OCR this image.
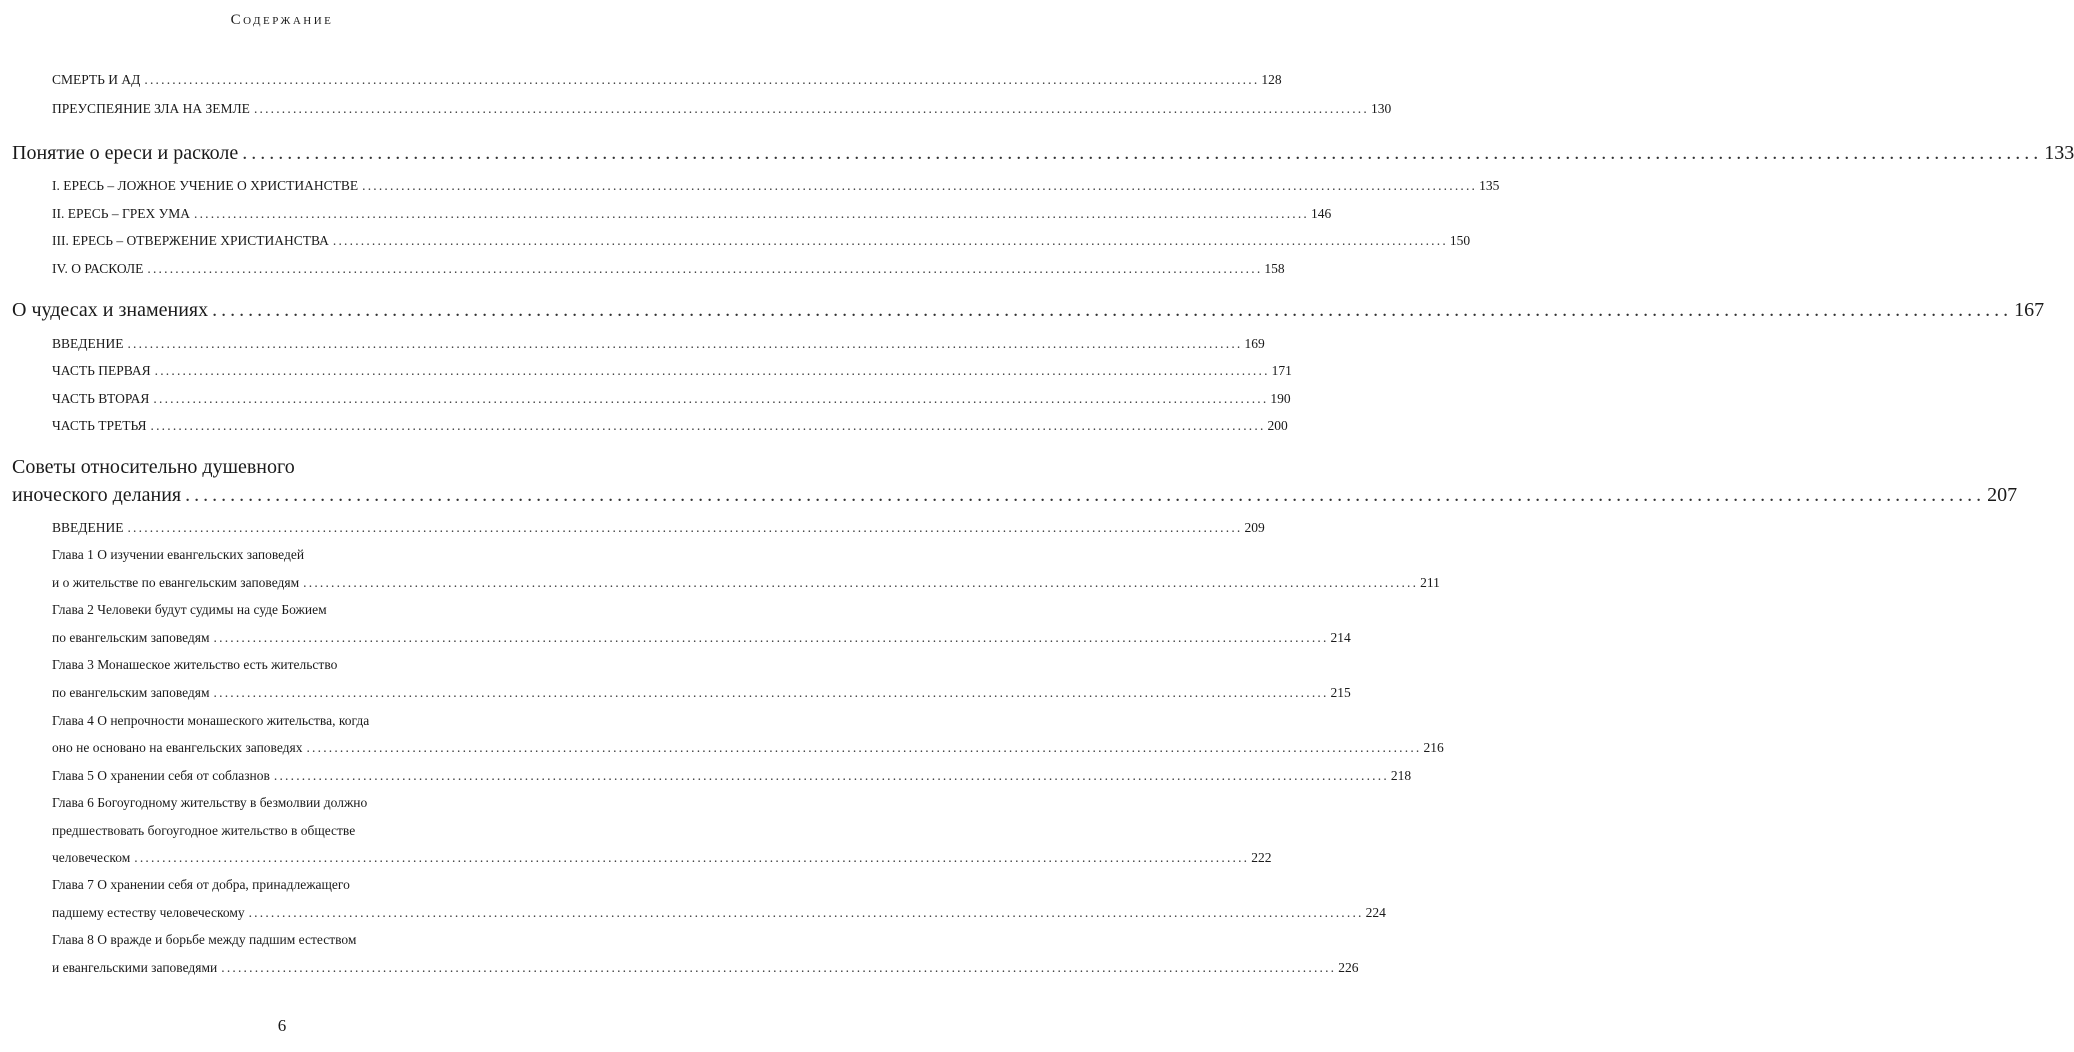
Содержание
СМЕРТЬ И АД ........................................................................................................................................................................................................ 128
ПРЕУСПЕЯНИЕ ЗЛА НА ЗЕМЛЕ ........................................................................................................................................................................................................ 130
Понятие о ереси и расколе ........................................................................................................................................................................................................ 133
I. ЕРЕСЬ – ЛОЖНОЕ УЧЕНИЕ О ХРИСТИАНСТВЕ ........................................................................................................................................................................................................ 135
II. ЕРЕСЬ – ГРЕХ УМА ........................................................................................................................................................................................................ 146
III. ЕРЕСЬ – ОТВЕРЖЕНИЕ ХРИСТИАНСТВА ........................................................................................................................................................................................................ 150
IV. О РАСКОЛЕ ........................................................................................................................................................................................................ 158
О чудесах и знамениях ........................................................................................................................................................................................................ 167
ВВЕДЕНИЕ ........................................................................................................................................................................................................ 169
ЧАСТЬ ПЕРВАЯ ........................................................................................................................................................................................................ 171
ЧАСТЬ ВТОРАЯ ........................................................................................................................................................................................................ 190
ЧАСТЬ ТРЕТЬЯ ........................................................................................................................................................................................................ 200
Советы относительно душевного
иноческого делания ........................................................................................................................................................................................................ 207
ВВЕДЕНИЕ ........................................................................................................................................................................................................ 209
Глава 1 О изучении евангельских заповедей
и о жительстве по евангельским заповедям ........................................................................................................................................................................................................ 211
Глава 2 Человеки будут судимы на суде Божием
по евангельским заповедям ........................................................................................................................................................................................................ 214
Глава 3 Монашеское жительство есть жительство
по евангельским заповедям ........................................................................................................................................................................................................ 215
Глава 4 О непрочности монашеского жительства, когда
оно не основано на евангельских заповедях ........................................................................................................................................................................................................ 216
Глава 5 О хранении себя от соблазнов ........................................................................................................................................................................................................ 218
Глава 6 Богоугодному жительству в безмолвии должно
предшествовать богоугодное жительство в обществе
человеческом ........................................................................................................................................................................................................ 222
Глава 7 О хранении себя от добра, принадлежащего
падшему естеству человеческому ........................................................................................................................................................................................................ 224
Глава 8 О вражде и борьбе между падшим естеством
и евангельскими заповедями ........................................................................................................................................................................................................ 226
6
